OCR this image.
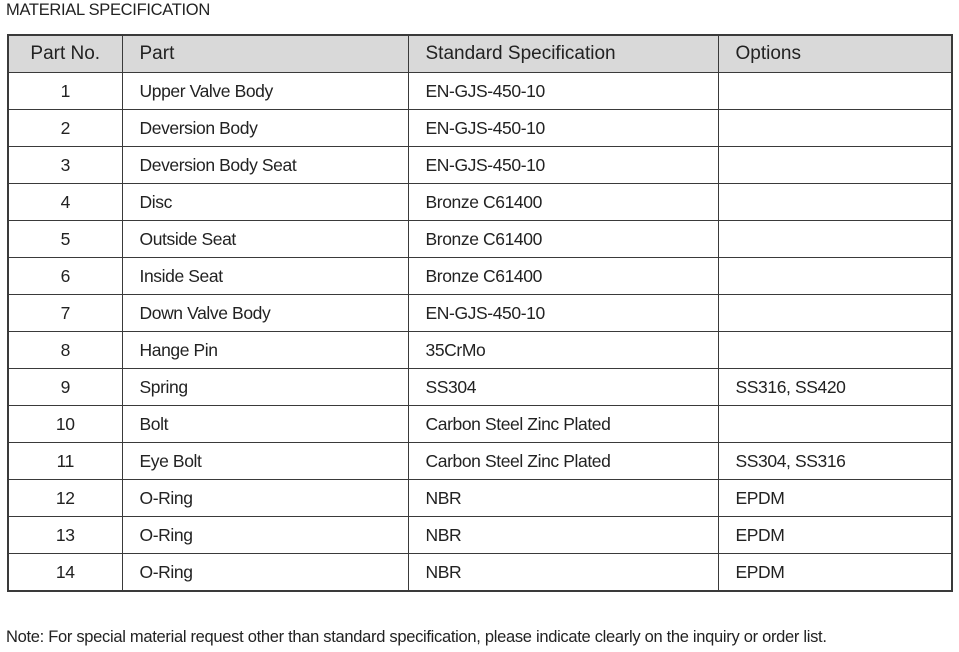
MATERIAL SPECIFICATION
Part No.	Part	Standard Specification	Options
1	Upper Valve Body	EN-GJS-450-10	
2	Deversion Body	EN-GJS-450-10	
3	Deversion Body Seat	EN-GJS-450-10	
4	Disc	Bronze C61400	
5	Outside Seat	Bronze C61400	
6	Inside Seat	Bronze C61400	
7	Down Valve Body	EN-GJS-450-10	
8	Hange Pin	35CrMo	
9	Spring	SS304	SS316, SS420
10	Bolt	Carbon Steel Zinc Plated	
11	Eye Bolt	Carbon Steel Zinc Plated	SS304, SS316
12	O-Ring	NBR	EPDM
13	O-Ring	NBR	EPDM
14	O-Ring	NBR	EPDM
Note: For special material request other than standard specification, please indicate clearly on the inquiry or order list.
